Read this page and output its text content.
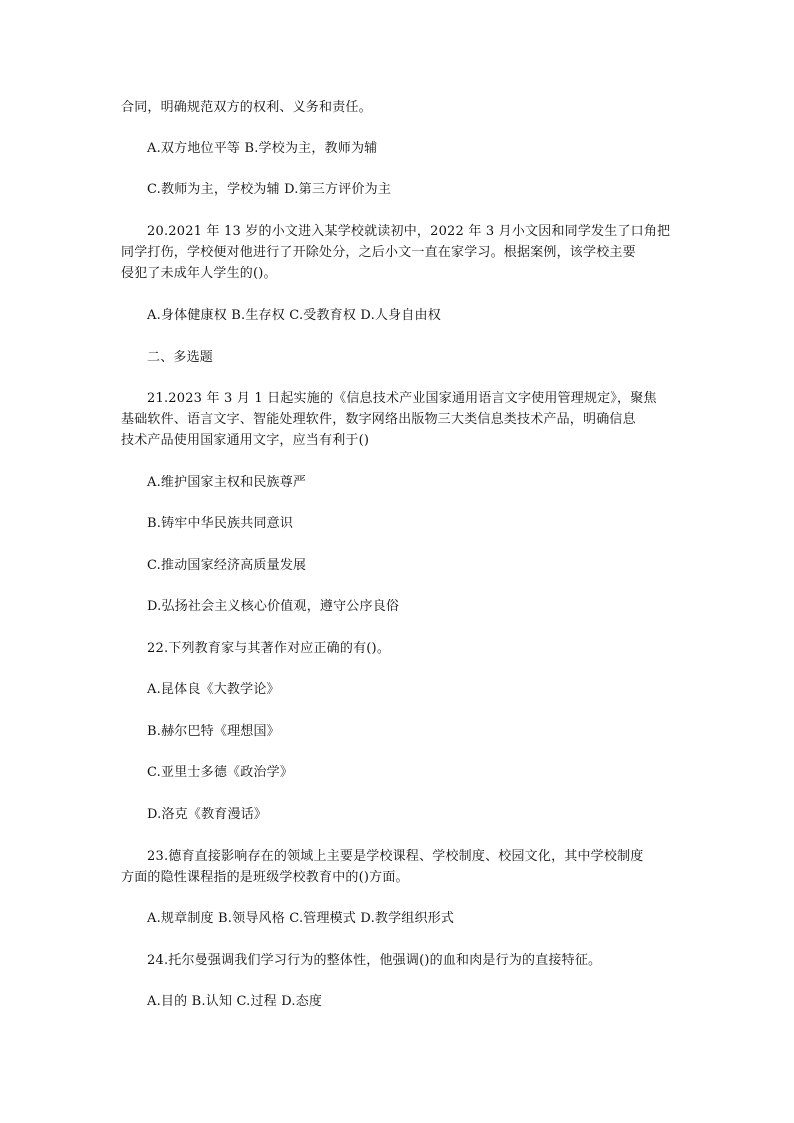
合同，明确规范双方的权利、义务和责任。
A.双方地位平等 B.学校为主，教师为辅
C.教师为主，学校为辅 D.第三方评价为主
20.2021 年 13 岁的小文进入某学校就读初中，2022 年 3 月小文因和同学发生了口角把
同学打伤，学校便对他进行了开除处分，之后小文一直在家学习。根据案例，该学校主要
侵犯了未成年人学生的()。
A.身体健康权 B.生存权 C.受教育权 D.人身自由权
二、多选题
21.2023 年 3 月 1 日起实施的《信息技术产业国家通用语言文字使用管理规定》，聚焦
基础软件、语言文字、智能处理软件，数字网络出版物三大类信息类技术产品，明确信息
技术产品使用国家通用文字，应当有利于()
A.维护国家主权和民族尊严
B.铸牢中华民族共同意识
C.推动国家经济高质量发展
D.弘扬社会主义核心价值观，遵守公序良俗
22.下列教育家与其著作对应正确的有()。
A.昆体良《大教学论》
B.赫尔巴特《理想国》
C.亚里士多德《政治学》
D.洛克《教育漫话》
23.德育直接影响存在的领域上主要是学校课程、学校制度、校园文化，其中学校制度
方面的隐性课程指的是班级学校教育中的()方面。
A.规章制度 B.领导风格 C.管理模式 D.教学组织形式
24.托尔曼强调我们学习行为的整体性，他强调()的血和肉是行为的直接特征。
A.目的 B.认知 C.过程 D.态度
